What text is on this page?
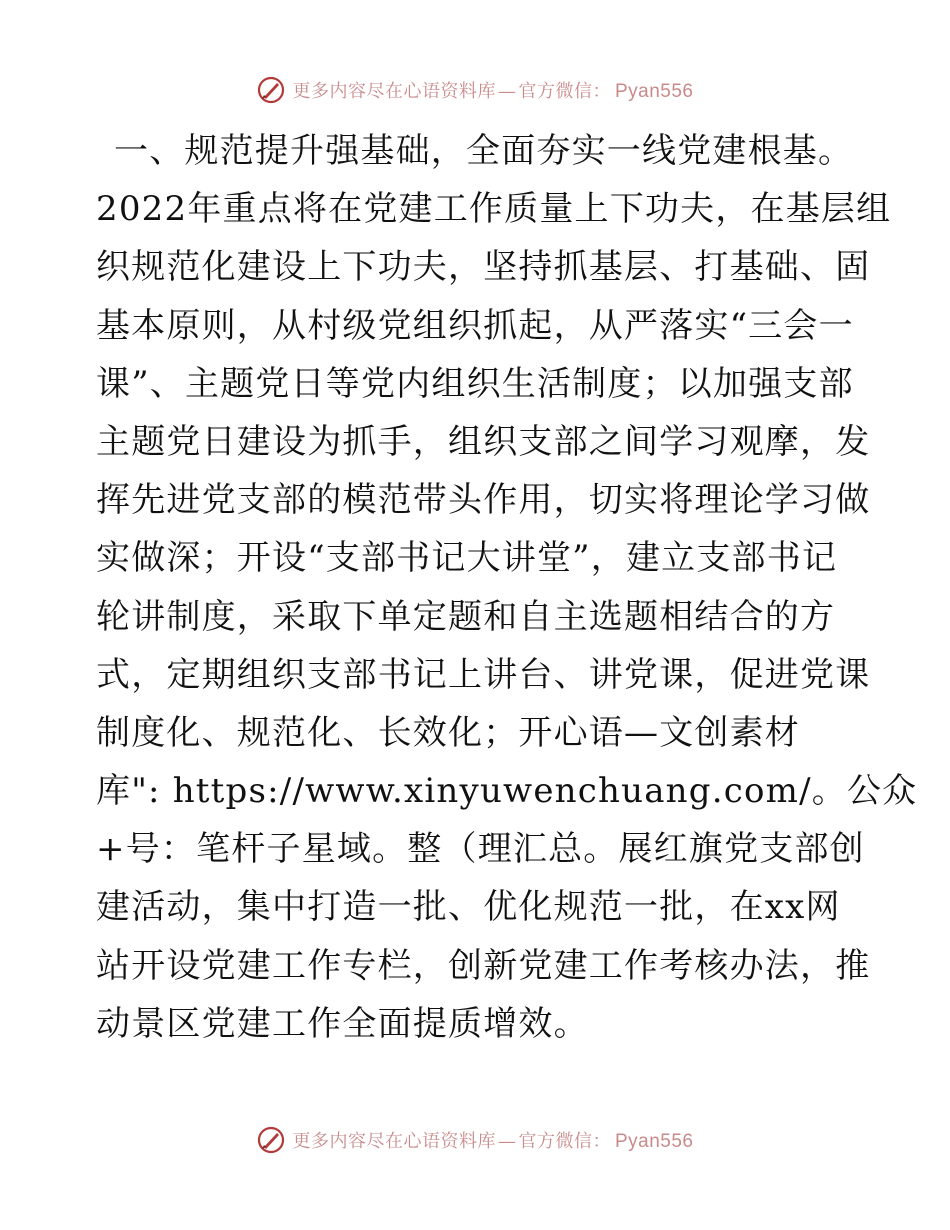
更多内容尽在心语资料库 — 官方微信： Pyan556
一、规范提升强基础，全面夯实一线党建根基。
2022年重点将在党建工作质量上下功夫，在基层组
织规范化建设上下功夫，坚持抓基层、打基础、固
基本原则，从村级党组织抓起，从严落实“三会一
课”、主题党日等党内组织生活制度；以加强支部
主题党日建设为抓手，组织支部之间学习观摩，发
挥先进党支部的模范带头作用，切实将理论学习做
实做深；开设“支部书记大讲堂”，建立支部书记
轮讲制度，采取下单定题和自主选题相结合的方
式，定期组织支部书记上讲台、讲党课，促进党课
制度化、规范化、长效化；开心语—文创素材
库": https://www.xinyuwenchuang.com/。公众
+号：笔杆子星域。整（理汇总。展红旗党支部创
建活动，集中打造一批、优化规范一批，在xx网
站开设党建工作专栏，创新党建工作考核办法，推
动景区党建工作全面提质增效。
更多内容尽在心语资料库 — 官方微信： Pyan556
